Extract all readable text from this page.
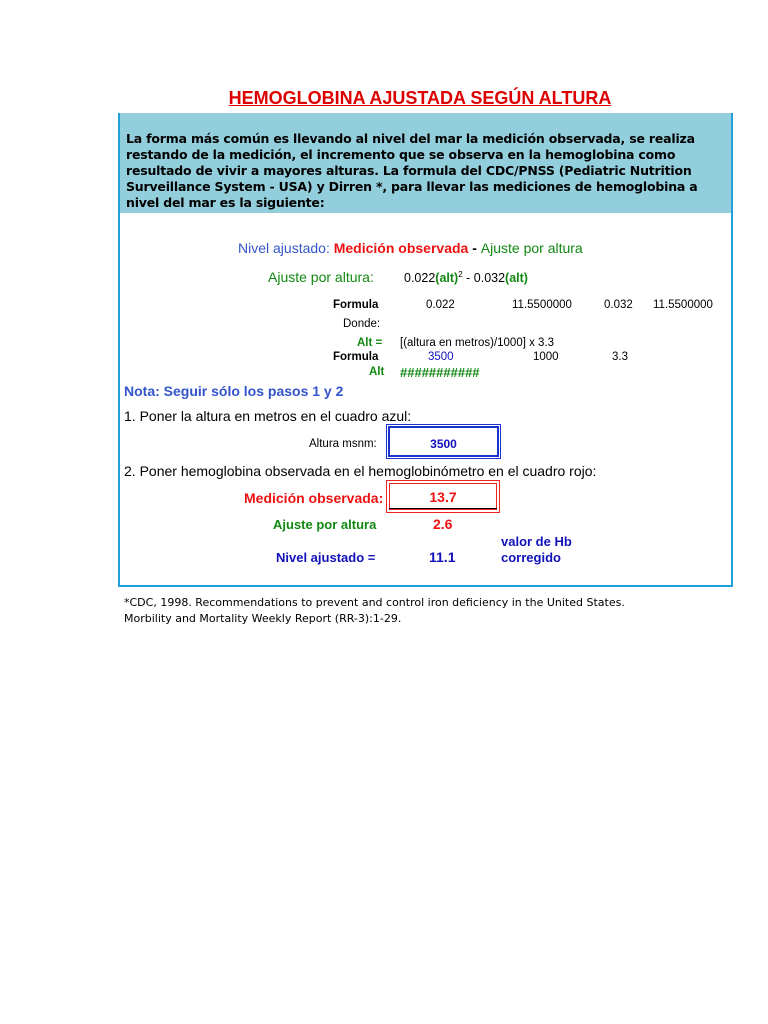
HEMOGLOBINA AJUSTADA SEGÚN ALTURA
La forma más común es llevando al nivel del mar la medición observada, se realiza restando de la medición, el incremento que se observa en la hemoglobina como resultado de vivir a mayores alturas. La formula del CDC/PNSS (Pediatric Nutrition Surveillance System - USA) y Dirren *, para llevar las mediciones de hemoglobina a nivel del mar es la siguiente:
Nivel ajustado: Medición observada - Ajuste por altura
Ajuste por altura: 0.022(alt)$^2$ - 0.032(alt)
Formula	0.022	11.5500000	0.032 11.5500000
Donde:
Alt = [(altura en metros)/1000] x 3.3
Formula	3500	1000	3.3
Alt ###########
Nota: Seguir sólo los pasos 1 y 2
1. Poner la altura en metros en el cuadro azul:
Altura msnm:	3500
2. Poner hemoglobina observada en el hemoglobinómetro en el cuadro rojo:
Medición observada:	13.7
Ajuste por altura	2.6
Nivel ajustado =	11.1
valor de Hb
corregido
*CDC, 1998. Recommendations to prevent and control iron deficiency in the United States.
Morbility and Mortality Weekly Report (RR-3):1-29.
